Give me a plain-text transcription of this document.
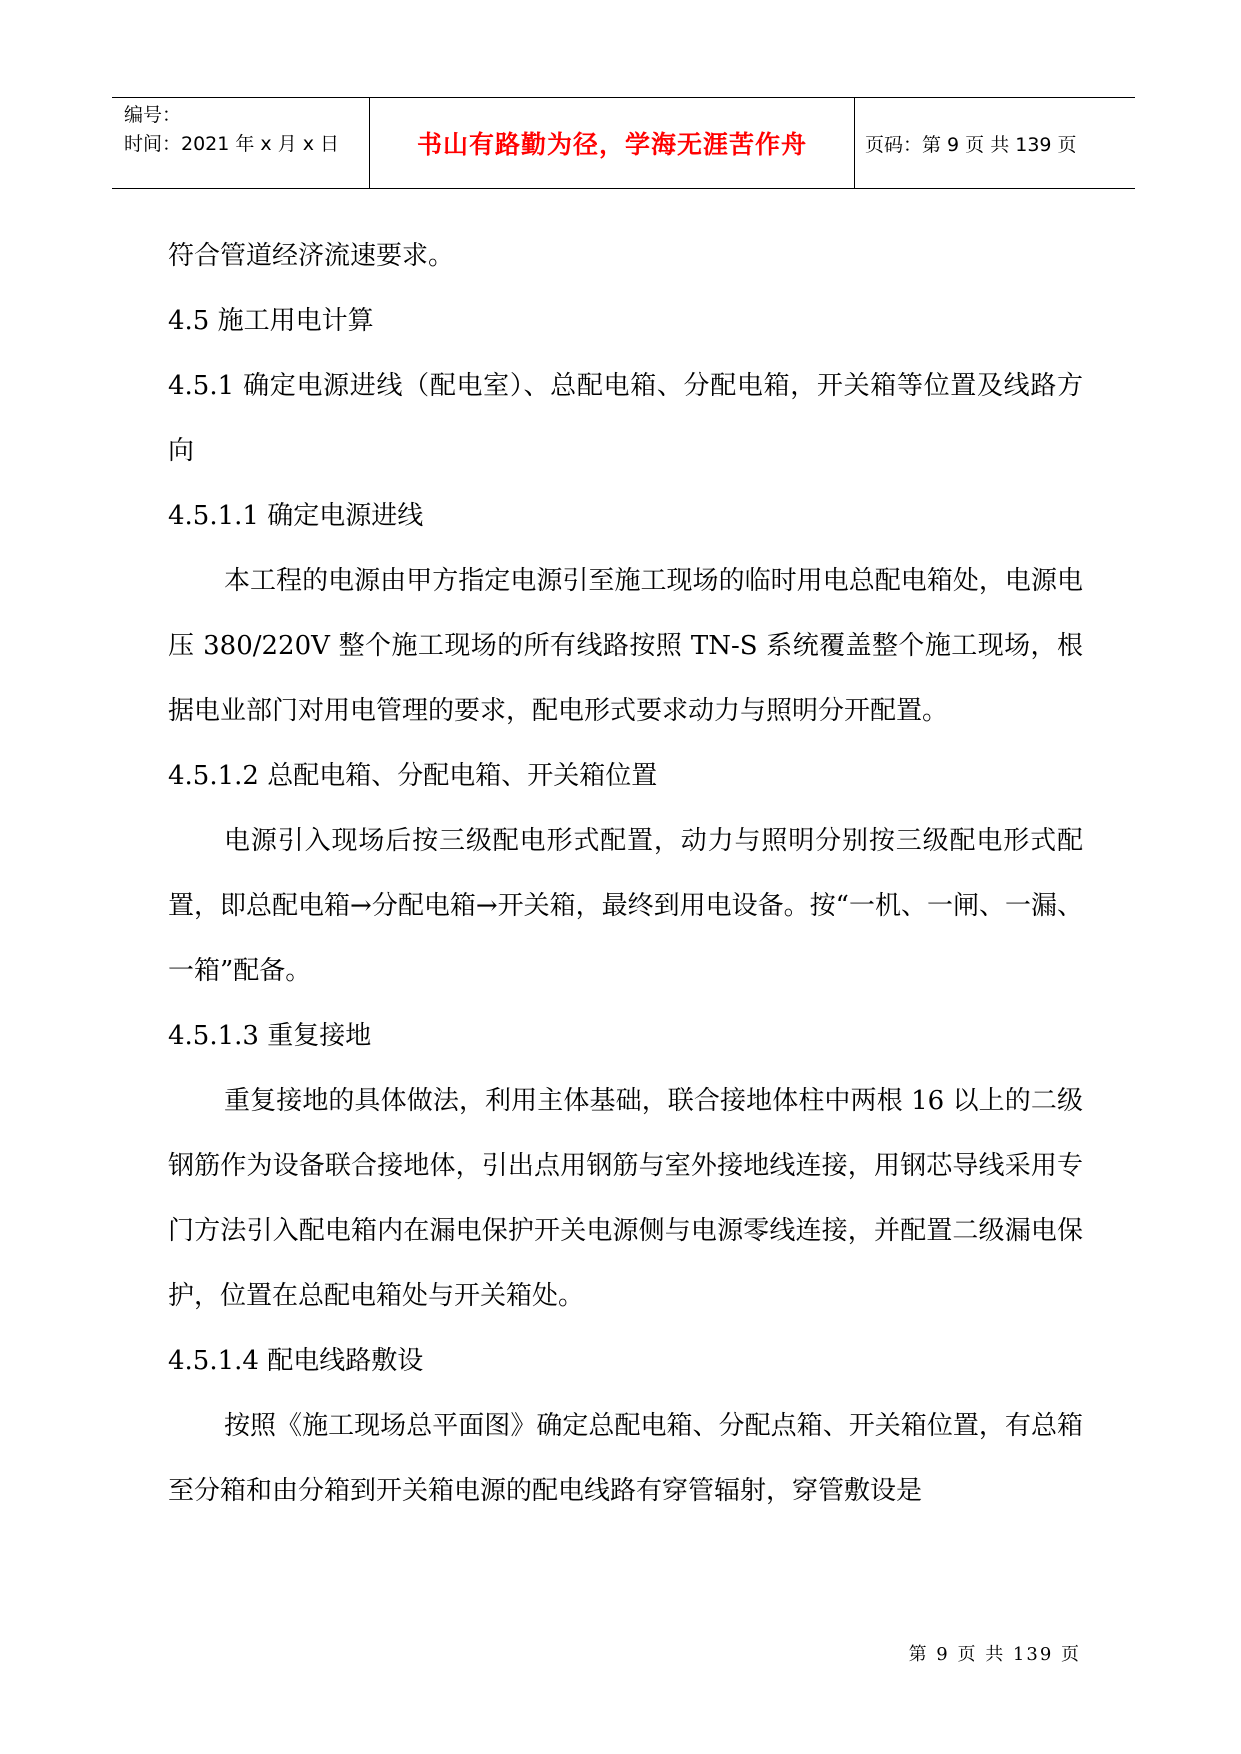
编号：
时间：2021 年 x 月 x 日	书山有路勤为径，学海无涯苦作舟	页码：第 9 页 共 139 页

符合管道经济流速要求。

4.5 施工用电计算

4.5.1 确定电源进线（配电室）、总配电箱、分配电箱，开关箱等位置及线路方向

4.5.1.1 确定电源进线

本工程的电源由甲方指定电源引至施工现场的临时用电总配电箱处，电源电压 380/220V 整个施工现场的所有线路按照 TN-S 系统覆盖整个施工现场，根据电业部门对用电管理的要求，配电形式要求动力与照明分开配置。

4.5.1.2 总配电箱、分配电箱、开关箱位置

电源引入现场后按三级配电形式配置，动力与照明分别按三级配电形式配置，即总配电箱→分配电箱→开关箱，最终到用电设备。按“一机、一闸、一漏、一箱”配备。

4.5.1.3 重复接地

重复接地的具体做法，利用主体基础，联合接地体柱中两根 16 以上的二级钢筋作为设备联合接地体，引出点用钢筋与室外接地线连接，用钢芯导线采用专门方法引入配电箱内在漏电保护开关电源侧与电源零线连接，并配置二级漏电保护，位置在总配电箱处与开关箱处。

4.5.1.4 配电线路敷设

按照《施工现场总平面图》确定总配电箱、分配点箱、开关箱位置，有总箱至分箱和由分箱到开关箱电源的配电线路有穿管辐射，穿管敷设是

第 9 页 共 139 页
